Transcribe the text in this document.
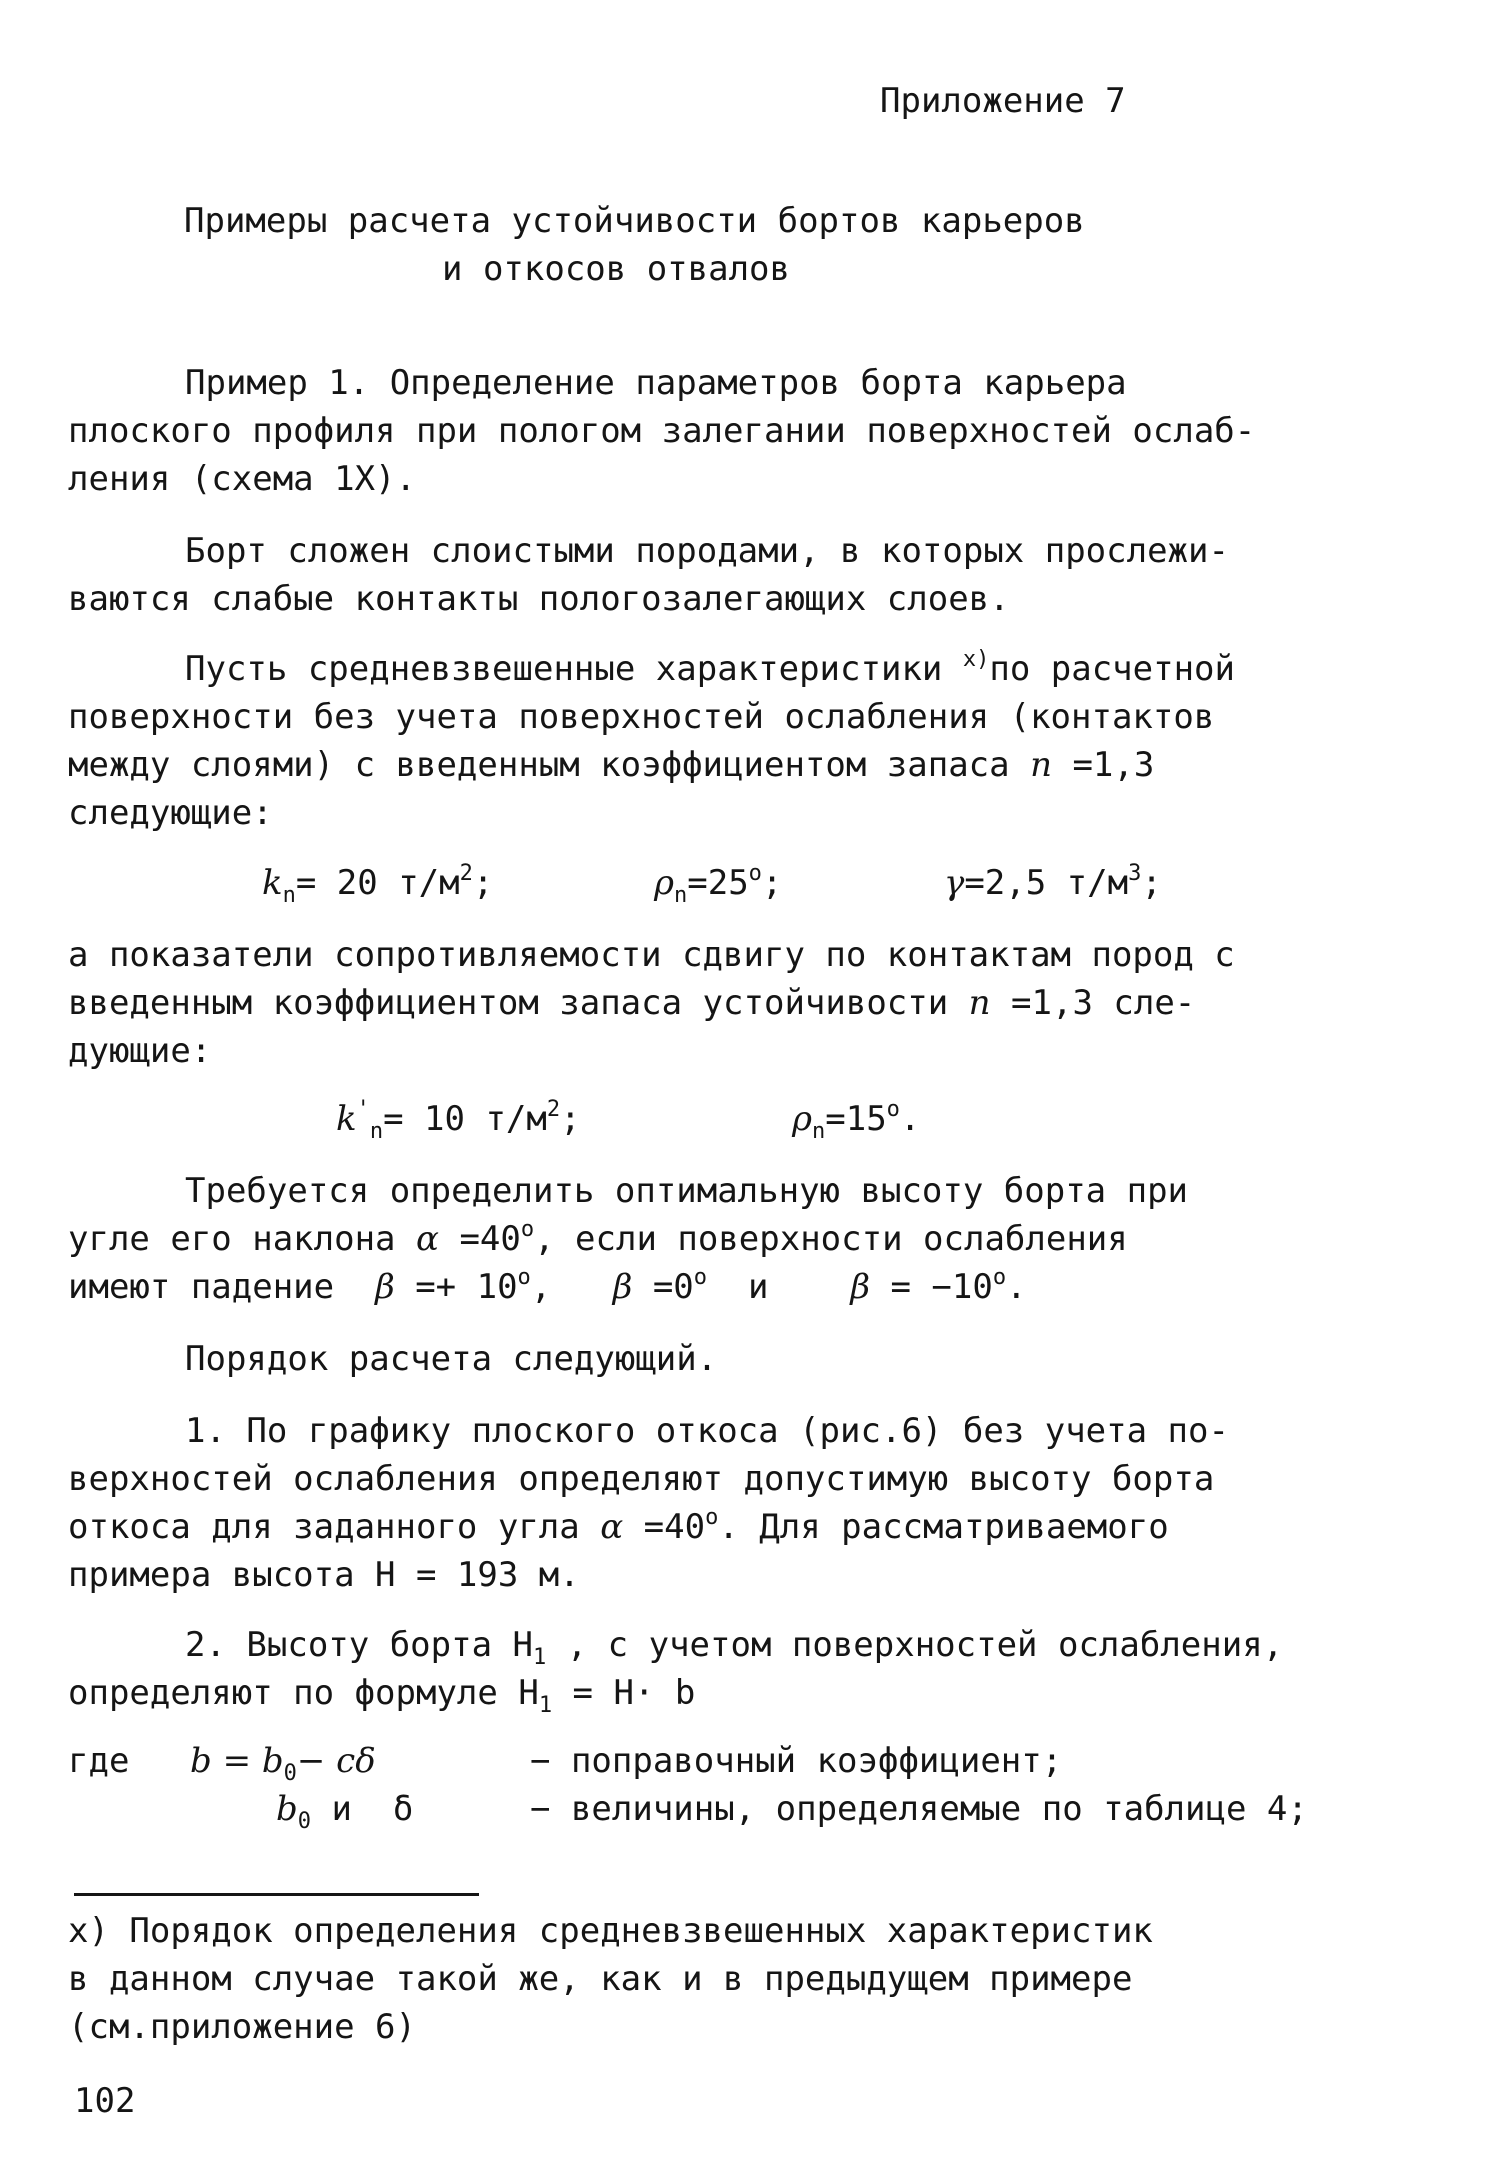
Приложение 7
Примеры расчета устойчивости бортов карьеров
и откосов отвалов
Пример 1. Определение параметров борта карьера
плоского профиля при пологом залегании поверхностей ослаб-
ления (схема 1X).
Борт сложен слоистыми породами, в которых прослежи-
ваются слабые контакты пологозалегающих слоев.
Пусть средневзвешенные характеристики $^{x)}$по расчетной
поверхности без учета поверхностей ослабления (контактов
между слоями) с введенным коэффициентом запаса n =1,3
следующие:
$k_n= 20$ $т/м^2$;	$\rho_n=25^o$;	γ=2,5 $т/м^3$;
а показатели сопротивляемости сдвигу по контактам пород с
введенным коэффициентом запаса устойчивости n =1,3 сле-
дующие:
$k'_n= 10$ $т/м^2$;	$\rho_n=15^o$.
Требуется определить оптимальную высоту борта при
угле его наклона $\alpha =40^o$, если поверхности ослабления
имеют падение  $\beta =+ 10^o$, $\beta =0^o$ и $\beta = -10^o$.
Порядок расчета следующий.
1. По графику плоского откоса (рис.6) без учета по-
верхностей ослабления определяют допустимую высоту борта
откоса для заданного угла $\alpha =40^o$. Для рассматриваемого
примера высота H = 193 м.
2. Высоту борта $H_1$ , с учетом поверхностей ослабления,
определяют по формуле $H_1 = H\cdot b$
где $b = b_0- c\delta$	− поправочный коэффициент;
$b_0$ и  δ	− величины, определяемые по таблице 4;
x) Порядок определения средневзвешенных характеристик
в данном случае такой же, как и в предыдущем примере
(см.приложение 6)
102
